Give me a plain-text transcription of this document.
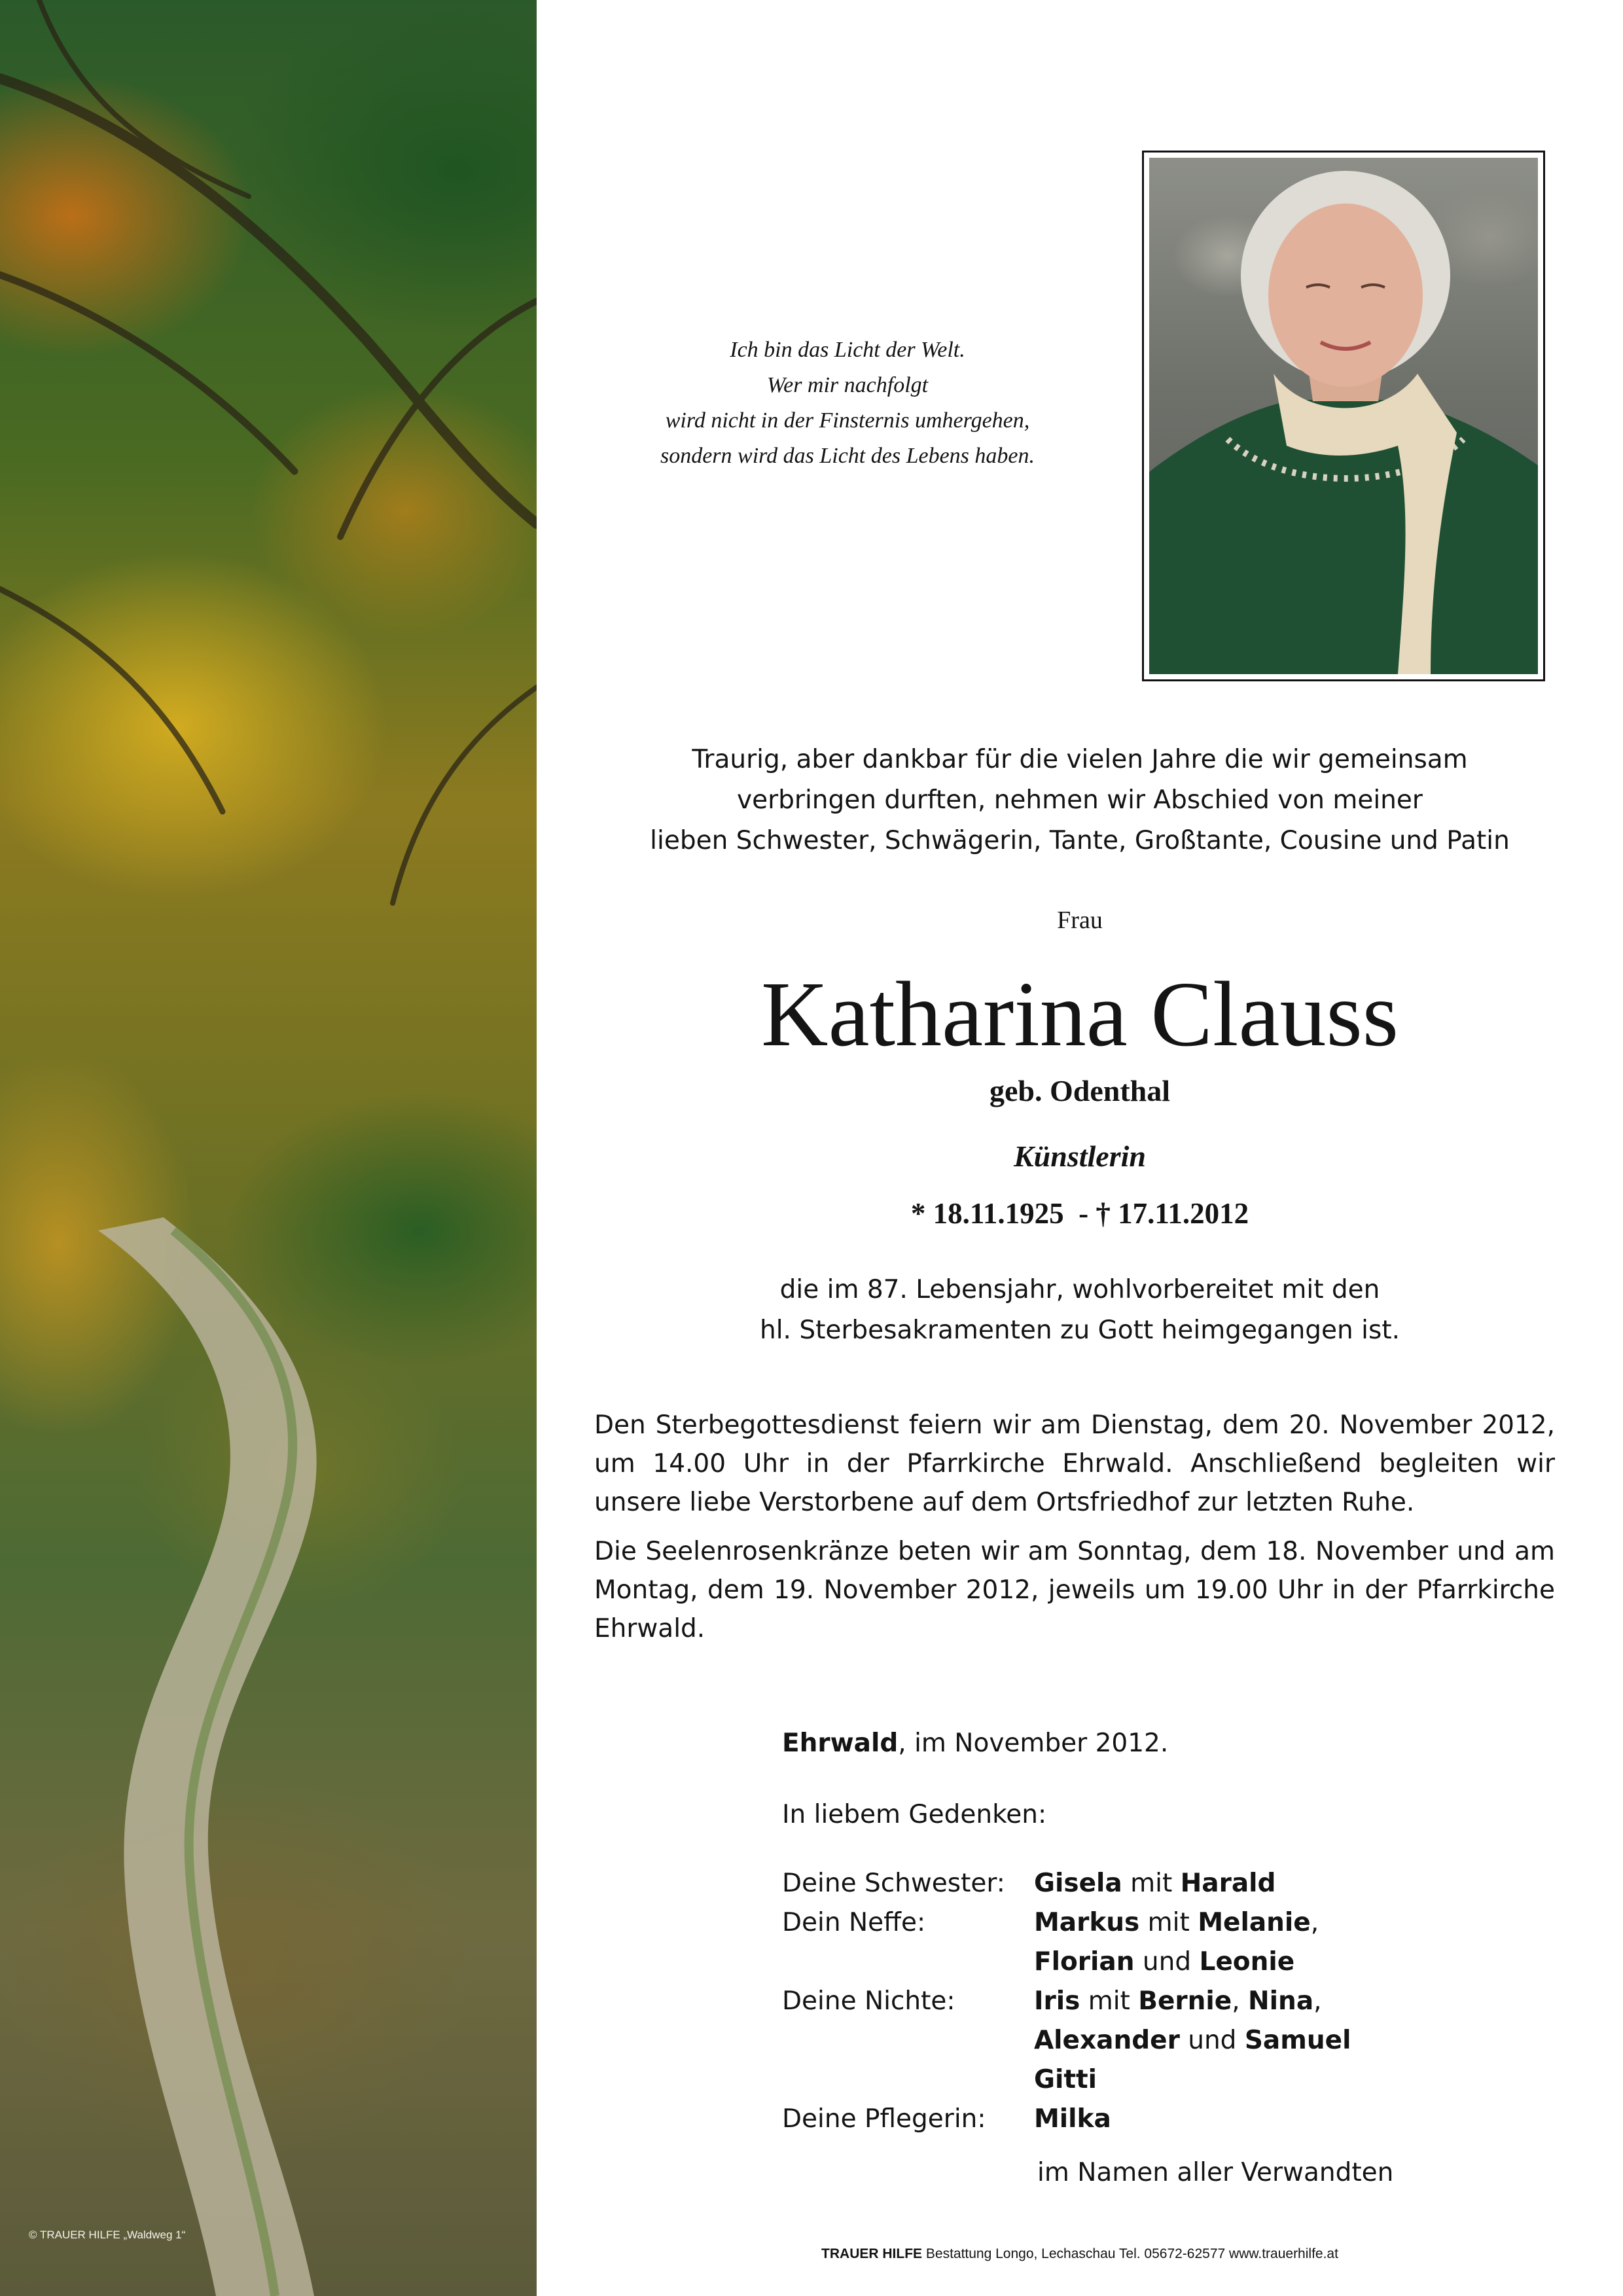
© TRAUER HILFE „Waldweg 1“
Ich bin das Licht der Welt.
Wer mir nachfolgt
wird nicht in der Finsternis umhergehen,
sondern wird das Licht des Lebens haben.
Traurig, aber dankbar für die vielen Jahre die wir gemeinsam
verbringen durften, nehmen wir Abschied von meiner
lieben Schwester, Schwägerin, Tante, Großtante, Cousine und Patin
Frau
Katharina Clauss
geb. Odenthal
Künstlerin
* 18.11.1925  - † 17.11.2012
die im 87. Lebensjahr, wohlvorbereitet mit den
hl. Sterbesakramenten zu Gott heimgegangen ist.

Den Sterbegottesdienst feiern wir am Dienstag, dem 20. November 2012, um 14.00 Uhr in der Pfarrkirche Ehrwald. Anschließend begleiten wir unsere liebe Verstorbene auf dem Ortsfriedhof zur letzten Ruhe.

Die Seelenrosenkränze beten wir am Sonntag, dem 18. November und am Montag, dem 19. November 2012, jeweils um 19.00 Uhr in der Pfarrkirche Ehrwald.

Ehrwald, im November 2012.
In liebem Gedenken:
Deine Schwester:	Gisela mit Harald
Dein Neffe:	Markus mit Melanie,
Florian und Leonie
Deine Nichte:	Iris mit Bernie, Nina,
Alexander und Samuel
Gitti
Deine Pflegerin:	Milka
im Namen aller Verwandten
TRAUER HILFE Bestattung Longo, Lechaschau Tel. 05672-62577 www.trauerhilfe.at
